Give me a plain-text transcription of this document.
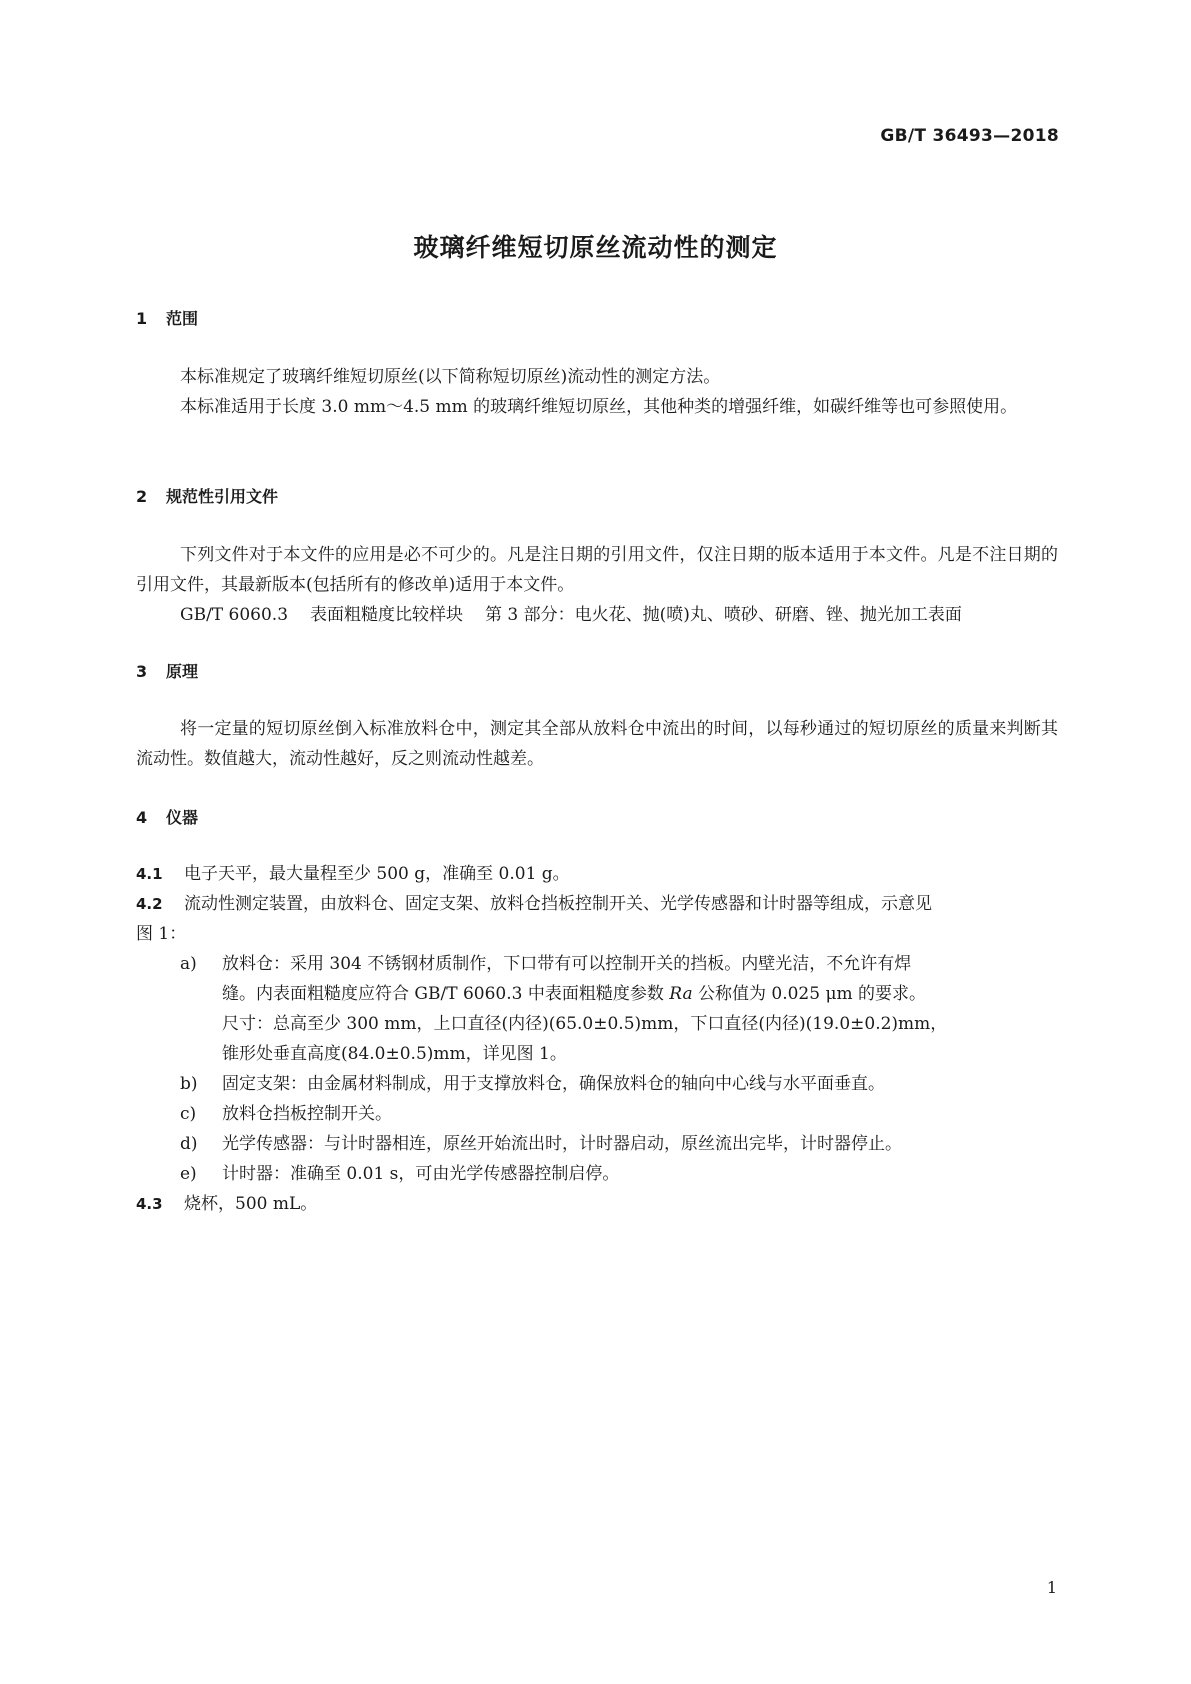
GB/T 36493—2018
玻璃纤维短切原丝流动性的测定
1 范围
本标准规定了玻璃纤维短切原丝(以下简称短切原丝)流动性的测定方法。
本标准适用于长度 3.0 mm～4.5 mm 的玻璃纤维短切原丝，其他种类的增强纤维，如碳纤维等也可参照使用。
2 规范性引用文件
下列文件对于本文件的应用是必不可少的。凡是注日期的引用文件，仅注日期的版本适用于本文件。凡是不注日期的引用文件，其最新版本(包括所有的修改单)适用于本文件。
GB/T 6060.3 表面粗糙度比较样块 第 3 部分：电火花、抛(喷)丸、喷砂、研磨、锉、抛光加工表面
3 原理
将一定量的短切原丝倒入标准放料仓中，测定其全部从放料仓中流出的时间，以每秒通过的短切原丝的质量来判断其流动性。数值越大，流动性越好，反之则流动性越差。
4 仪器
4.1 电子天平，最大量程至少 500 g，准确至 0.01 g。
4.2 流动性测定装置，由放料仓、固定支架、放料仓挡板控制开关、光学传感器和计时器等组成，示意见
图 1：
a) 放料仓：采用 304 不锈钢材质制作，下口带有可以控制开关的挡板。内壁光洁，不允许有焊
缝。内表面粗糙度应符合 GB/T 6060.3 中表面粗糙度参数 Ra 公称值为 0.025 μm 的要求。
尺寸：总高至少 300 mm，上口直径(内径)(65.0±0.5)mm，下口直径(内径)(19.0±0.2)mm，
锥形处垂直高度(84.0±0.5)mm，详见图 1。
b) 固定支架：由金属材料制成，用于支撑放料仓，确保放料仓的轴向中心线与水平面垂直。
c) 放料仓挡板控制开关。
d) 光学传感器：与计时器相连，原丝开始流出时，计时器启动，原丝流出完毕，计时器停止。
e) 计时器：准确至 0.01 s，可由光学传感器控制启停。
4.3 烧杯，500 mL。
1
